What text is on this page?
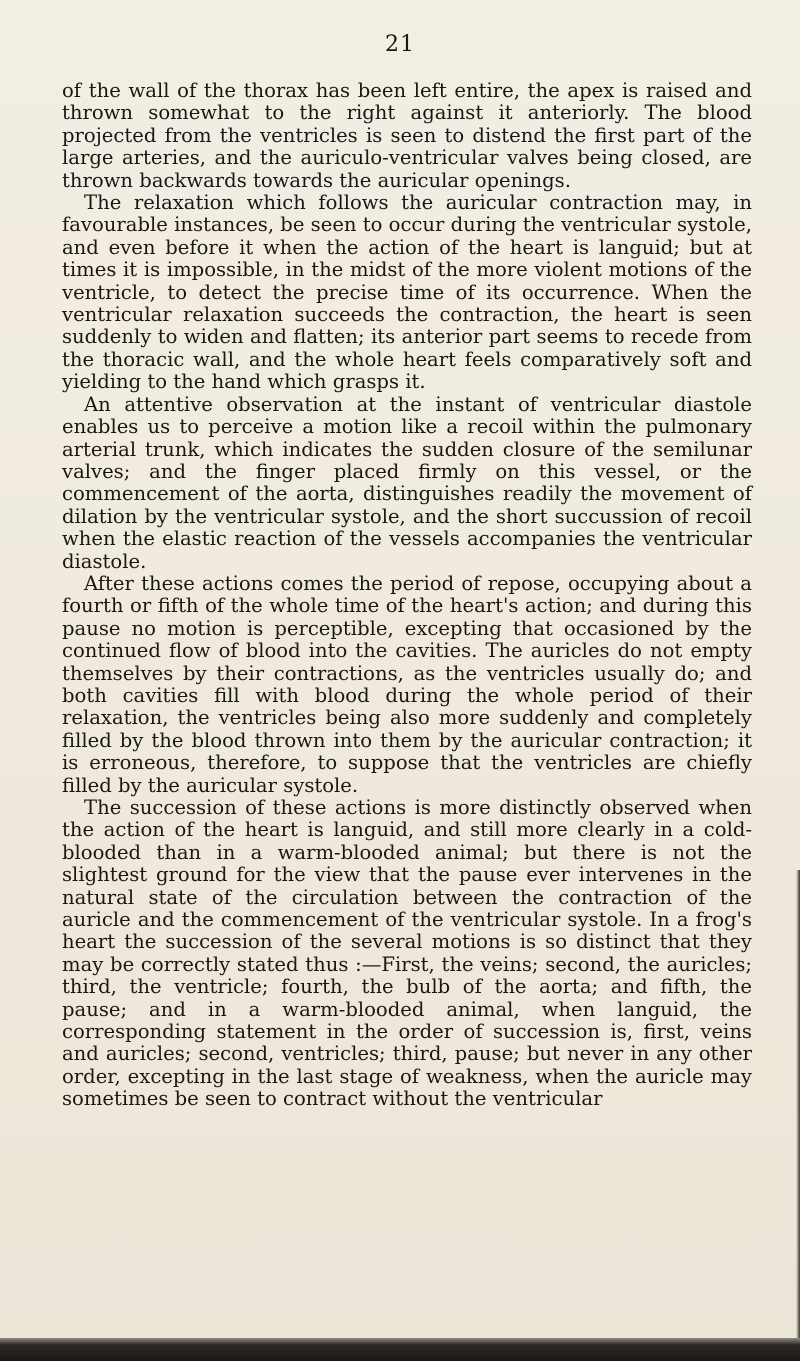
21

of the wall of the thorax has been left entire, the apex is raised and thrown somewhat to the right against it anteriorly. The blood projected from the ventricles is seen to distend the first part of the large arteries, and the auriculo-ventricular valves being closed, are thrown backwards towards the auricular openings.

The relaxation which follows the auricular contraction may, in favourable instances, be seen to occur during the ventricular systole, and even before it when the action of the heart is languid; but at times it is impossible, in the midst of the more violent motions of the ventricle, to detect the precise time of its occurrence. When the ventricular relaxation succeeds the contraction, the heart is seen suddenly to widen and flatten; its anterior part seems to recede from the thoracic wall, and the whole heart feels comparatively soft and yielding to the hand which grasps it.

An attentive observation at the instant of ventricular diastole enables us to perceive a motion like a recoil within the pulmonary arterial trunk, which indicates the sudden closure of the semilunar valves; and the finger placed firmly on this vessel, or the commencement of the aorta, distinguishes readily the movement of dilation by the ventricular systole, and the short succussion of recoil when the elastic reaction of the vessels accompanies the ventricular diastole.

After these actions comes the period of repose, occupying about a fourth or fifth of the whole time of the heart's action; and during this pause no motion is perceptible, excepting that occasioned by the continued flow of blood into the cavities. The auricles do not empty themselves by their contractions, as the ventricles usually do; and both cavities fill with blood during the whole period of their relaxation, the ventricles being also more suddenly and completely filled by the blood thrown into them by the auricular contraction; it is erroneous, therefore, to suppose that the ventricles are chiefly filled by the auricular systole.

The succession of these actions is more distinctly observed when the action of the heart is languid, and still more clearly in a cold-blooded than in a warm-blooded animal; but there is not the slightest ground for the view that the pause ever intervenes in the natural state of the circulation between the contraction of the auricle and the commencement of the ventricular systole. In a frog's heart the succession of the several motions is so distinct that they may be correctly stated thus :—First, the veins; second, the auricles; third, the ventricle; fourth, the bulb of the aorta; and fifth, the pause; and in a warm-blooded animal, when languid, the corresponding statement in the order of succession is, first, veins and auricles; second, ventricles; third, pause; but never in any other order, excepting in the last stage of weakness, when the auricle may sometimes be seen to contract without the ventricular
